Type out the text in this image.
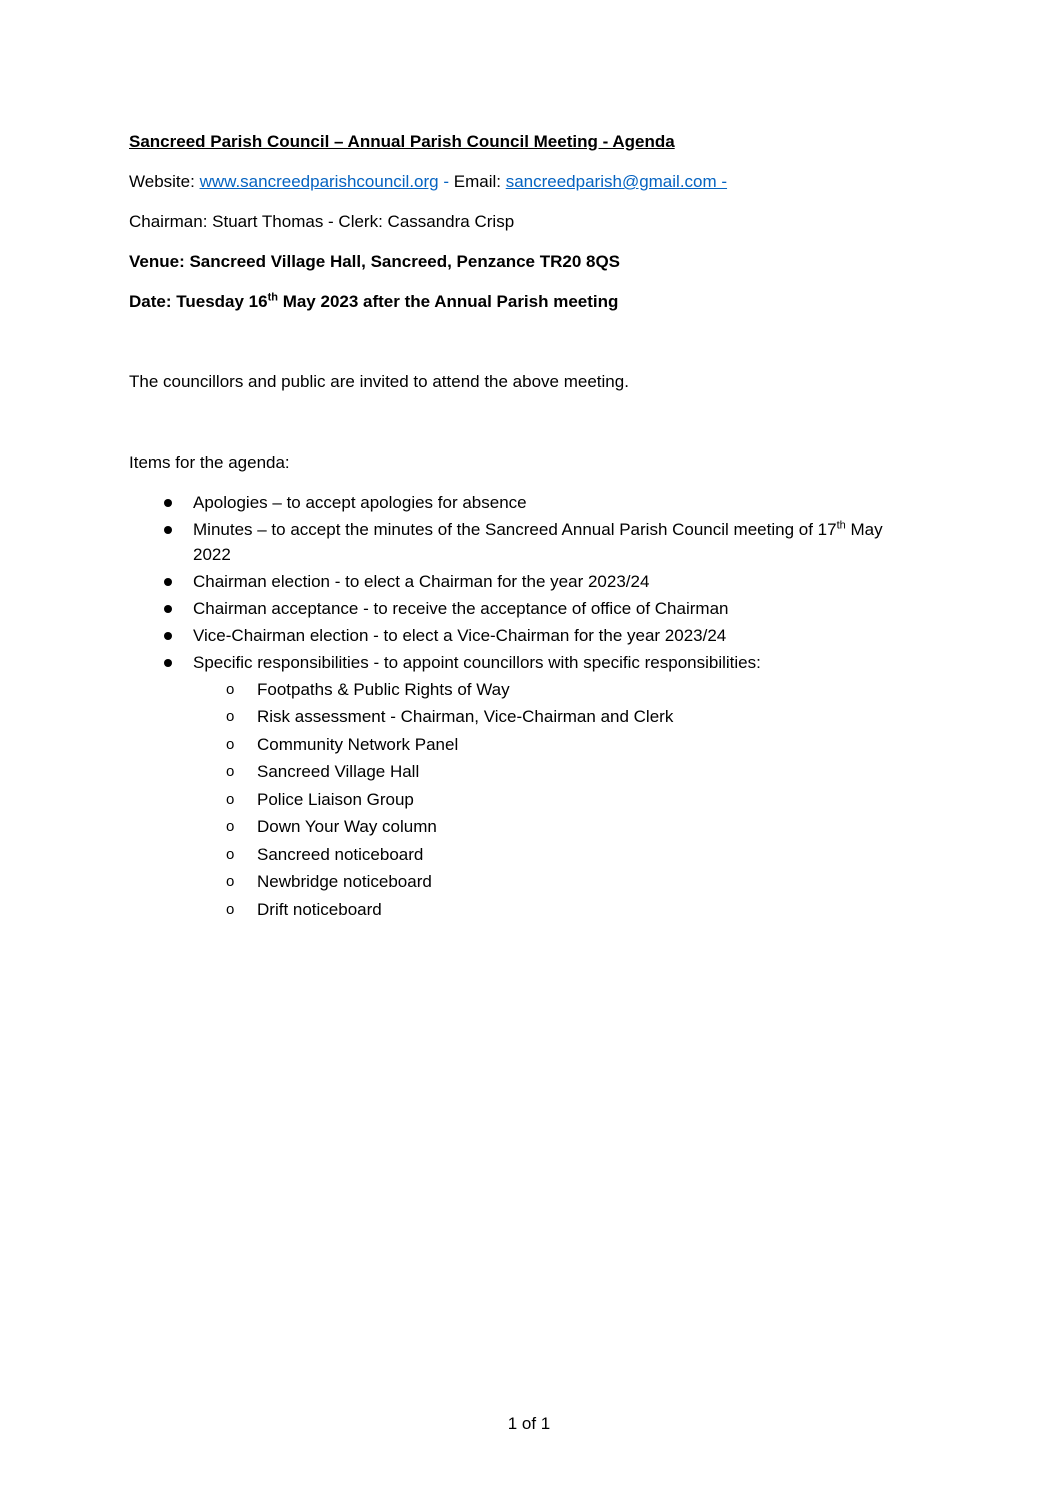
Sancreed Parish Council – Annual Parish Council Meeting - Agenda
Website: www.sancreedparishcouncil.org - Email: sancreedparish@gmail.com -
Chairman: Stuart Thomas - Clerk: Cassandra Crisp
Venue: Sancreed Village Hall, Sancreed, Penzance TR20 8QS
Date: Tuesday 16th May 2023 after the Annual Parish meeting
The councillors and public are invited to attend the above meeting.
Items for the agenda:
Apologies – to accept apologies for absence
Minutes – to accept the minutes of the Sancreed Annual Parish Council meeting of 17th May
2022
Chairman election - to elect a Chairman for the year 2023/24
Chairman acceptance - to receive the acceptance of office of Chairman
Vice-Chairman election - to elect a Vice-Chairman for the year 2023/24
Specific responsibilities - to appoint councillors with specific responsibilities:
o Footpaths & Public Rights of Way
o Risk assessment - Chairman, Vice-Chairman and Clerk
o Community Network Panel
o Sancreed Village Hall
o Police Liaison Group
o Down Your Way column
o Sancreed noticeboard
o Newbridge noticeboard
o Drift noticeboard
1 of 1
